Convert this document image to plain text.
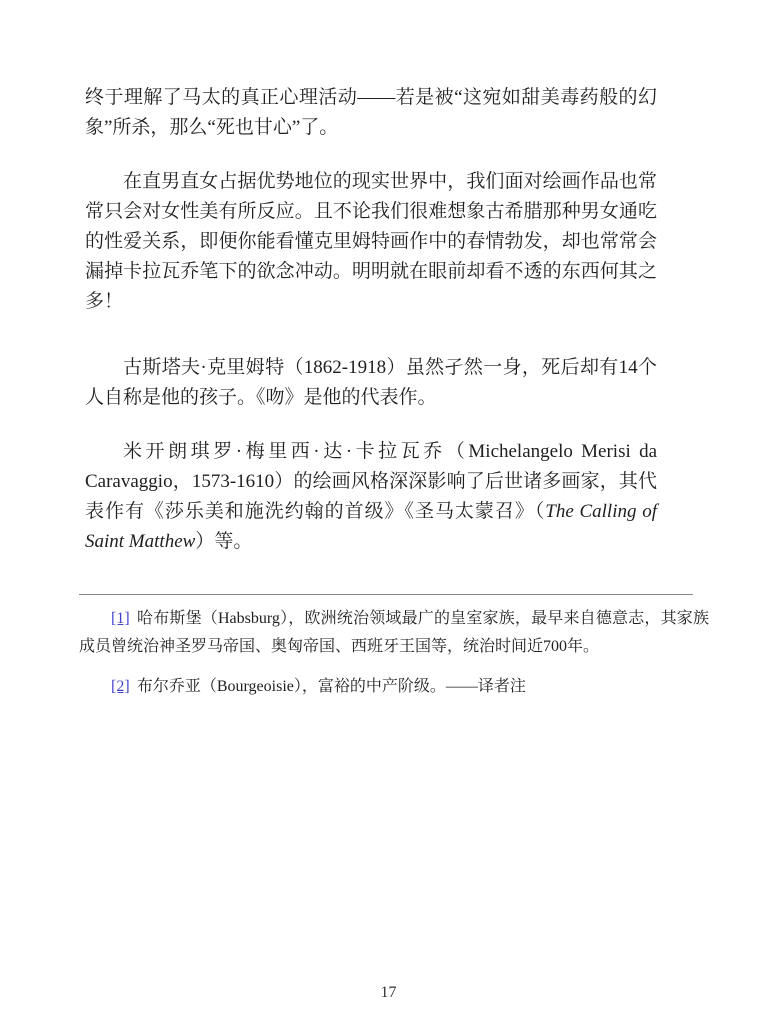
终于理解了马太的真正心理活动——若是被“这宛如甜美毒药般的幻象”所杀，那么“死也甘心”了。

在直男直女占据优势地位的现实世界中，我们面对绘画作品也常常只会对女性美有所反应。且不论我们很难想象古希腊那种男女通吃的性爱关系，即便你能看懂克里姆特画作中的春情勃发，却也常常会漏掉卡拉瓦乔笔下的欲念冲动。明明就在眼前却看不透的东西何其之多！

古斯塔夫·克里姆特（1862-1918）虽然孑然一身，死后却有14个人自称是他的孩子。《吻》是他的代表作。

米开朗琪罗·梅里西·达·卡拉瓦乔（Michelangelo Merisi da Caravaggio，1573-1610）的绘画风格深深影响了后世诸多画家，其代表作有《莎乐美和施洗约翰的首级》《圣马太蒙召》（The Calling of Saint Matthew）等。

[1] 哈布斯堡（Habsburg），欧洲统治领域最广的皇室家族，最早来自德意志，其家族成员曾统治神圣罗马帝国、奥匈帝国、西班牙王国等，统治时间近700年。

[2] 布尔乔亚（Bourgeoisie），富裕的中产阶级。——译者注

17
